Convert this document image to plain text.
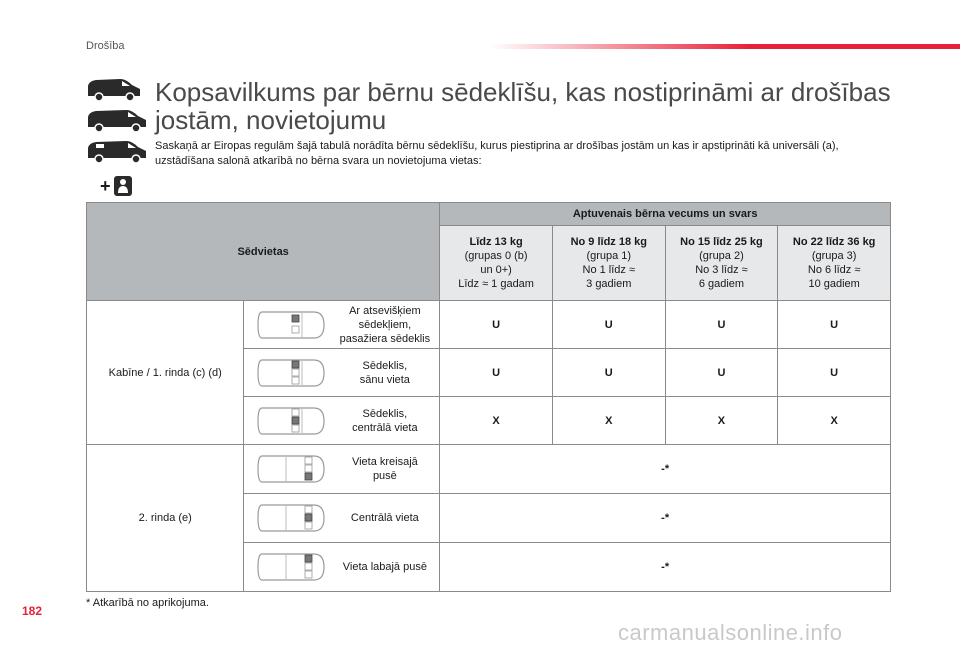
Drošība
+
Kopsavilkums par bērnu sēdeklīšu, kas nostiprināmi ar drošības jostām, novietojumu

Saskaņā ar Eiropas regulām šajā tabulā norādīta bērnu sēdeklīšu, kurus piestiprina ar drošības jostām un kas ir apstiprināti kā universāli (a), uzstādīšana salonā atkarībā no bērna svara un novietojuma vietas:

Sēdvietas		Aptuvenais bērna vecums un svars			
		Līdz 13 kg
(grupas 0 (b)
un 0+)
Līdz ≈ 1 gadam	No 9 līdz 18 kg
(grupa 1)
No 1 līdz ≈
3 gadiem	No 15 līdz 25 kg
(grupa 2)
No 3 līdz ≈
6 gadiem	No 22 līdz 36 kg
(grupa 3)
No 6 līdz ≈
10 gadiem
Kabīne / 1. rinda (c) (d)	Ar atsevišķiem
sēdekļiem,
pasažiera sēdeklis	U	U	U	U

	Sēdeklis,
sānu vieta	U	U	U	U

	Sēdeklis,
centrālā vieta	X	X	X	X
2. rinda (e)	Vieta kreisajā
pusē	-*			

	Centrālā vieta	-*			

	Vieta labajā pusē	-*			

* Atkarībā no aprikojuma.

182
carmanualsonline.info
